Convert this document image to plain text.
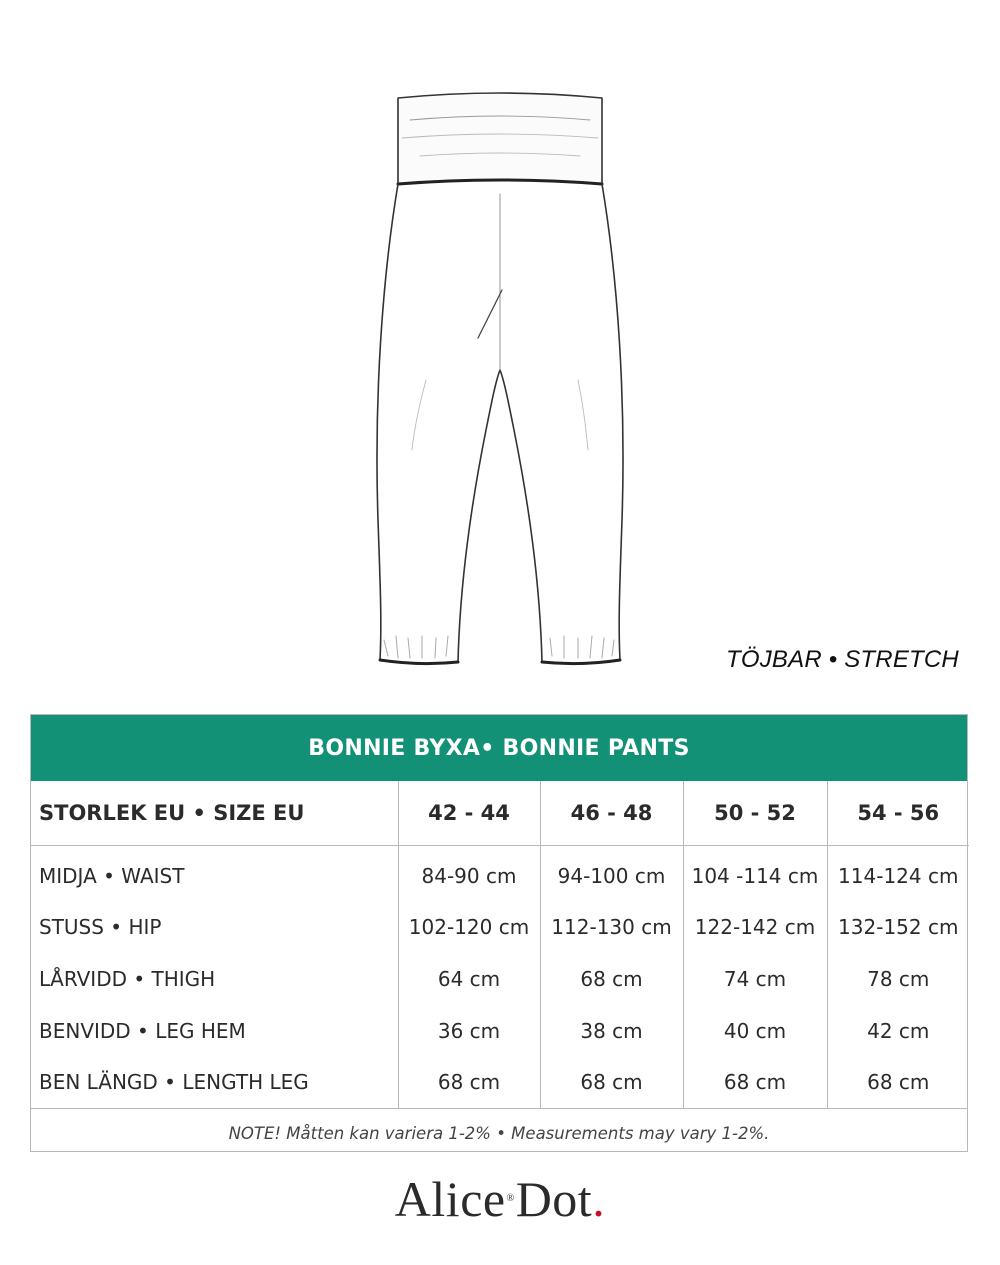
TÖJBAR • STRETCH
BONNIE BYXA• BONNIE PANTS
STORLEK EU • SIZE EU	42 - 44	46 - 48	50 - 52	54 - 56
MIDJA • WAIST	84-90 cm	94-100 cm	104 -114 cm	114-124 cm
STUSS • HIP	102-120 cm	112-130 cm	122-142 cm	132-152 cm
LÅRVIDD • THIGH	64 cm	68 cm	74 cm	78 cm
BENVIDD • LEG HEM	36 cm	38 cm	40 cm	42 cm
BEN LÄNGD • LENGTH LEG	68 cm	68 cm	68 cm	68 cm
NOTE! Måtten kan variera 1-2% • Measurements may vary 1-2%.
Alice ® Dot .
